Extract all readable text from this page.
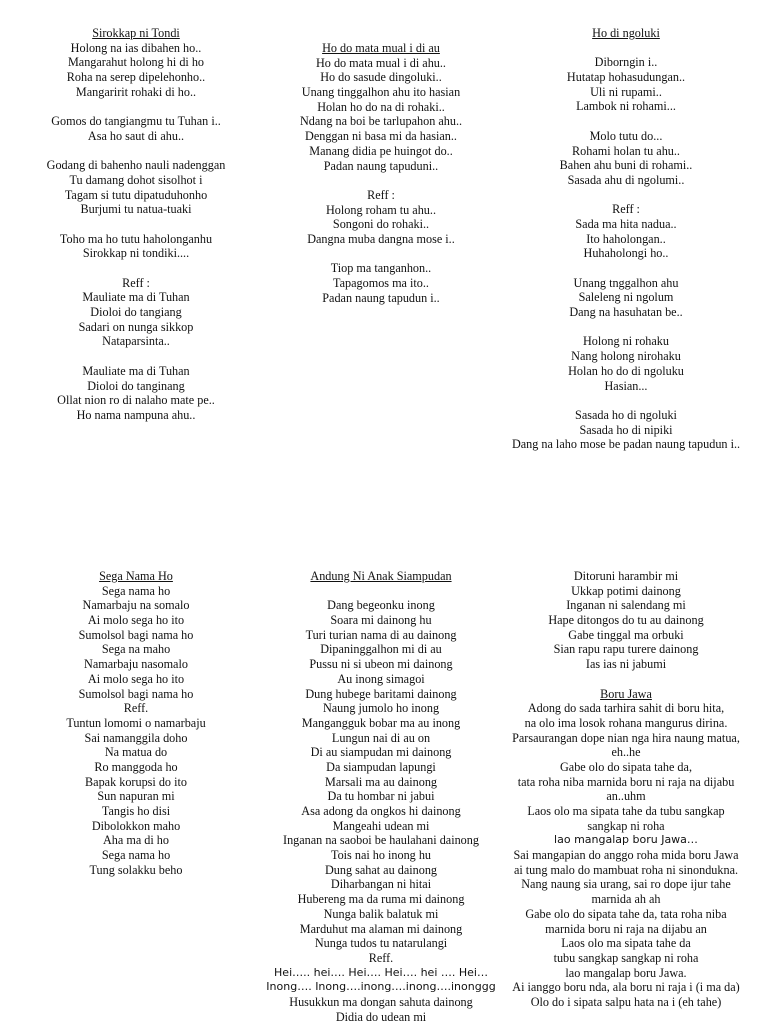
Sirokkap ni Tondi
Holong na ias dibahen ho..
Mangarahut holong hi di ho
Roha na serep dipelehonho..
Mangaririt rohaki di ho..
Gomos do tangiangmu tu Tuhan i..
Asa ho saut di ahu..
Godang di bahenho nauli nadenggan
Tu damang dohot sisolhot i
Tagam si tutu dipatuduhonho
Burjumi tu natua-tuaki
Toho ma ho tutu haholonganhu
Sirokkap ni tondiki....
Reff :
Mauliate ma di Tuhan
Dioloi do tangiang
Sadari on nunga sikkop
Nataparsinta..
Mauliate ma di Tuhan
Dioloi do tanginang
Ollat nion ro di nalaho mate pe..
Ho nama nampuna ahu..
Ho do mata mual i di au
Ho do mata mual i di ahu..
Ho do sasude dingoluki..
Unang tinggalhon ahu ito hasian
Holan ho do na di rohaki..
Ndang na boi be tarlupahon ahu..
Denggan ni basa mi da hasian..
Manang didia pe huingot do..
Padan naung tapuduni..
Reff :
Holong roham tu ahu..
Songoni do rohaki..
Dangna muba dangna mose i..
Tiop ma tanganhon..
Tapagomos ma ito..
Padan naung tapudun i..
Ho di ngoluki
Diborngin i..
Hutatap hohasudungan..
Uli ni rupami..
Lambok ni rohami...
Molo tutu do...
Rohami holan tu ahu..
Bahen ahu buni di rohami..
Sasada ahu di ngolumi..
Reff :
Sada ma hita nadua..
Ito haholongan..
Huhaholongi ho..
Unang tnggalhon ahu
Saleleng ni ngolum
Dang na hasuhatan be..
Holong ni rohaku
Nang holong nirohaku
Holan ho do di ngoluku
Hasian...
Sasada ho di ngoluki
Sasada ho di nipiki
Dang na laho mose be padan naung tapudun i..
Sega Nama Ho
Sega nama ho
Namarbaju na somalo
Ai molo sega ho ito
Sumolsol bagi nama ho
Sega na maho
Namarbaju nasomalo
Ai molo sega ho ito
Sumolsol bagi nama ho
Reff.
Tuntun lomomi o namarbaju
Sai namanggila doho
Na matua do
Ro manggoda ho
Bapak korupsi do ito
Sun napuran mi
Tangis ho disi
Dibolokkon maho
Aha ma di ho
Sega nama ho
Tung solakku beho
Andung Ni Anak Siampudan
Dang begeonku inong
Soara mi dainong hu
Turi turian nama di au dainong
Dipaninggalhon mi di au
Pussu ni si ubeon mi dainong
Au inong simagoi
Dung hubege baritami dainong
Naung jumolo ho inong
Mangangguk bobar ma au inong
Lungun nai di au on
Di au siampudan mi dainong
Da siampudan lapungi
Marsali ma au dainong
Da tu hombar ni jabui
Asa adong da ongkos hi dainong
Mangeahi udean mi
Inganan na saoboi be haulahani dainong
Tois nai ho inong hu
Dung sahat au dainong
Diharbangan ni hitai
Hubereng ma da ruma mi dainong
Nunga balik balatuk mi
Marduhut ma alaman mi dainong
Nunga tudos tu natarulangi
Reff.
Hei….. hei…. Hei…. Hei…. hei …. Hei…
Inong…. Inong….inong….inong….inonggg
Husukkun ma dongan sahuta dainong
Didia do udean mi
Ditoruni harambir mi
Ukkap potimi dainong
Inganan ni salendang mi
Hape ditongos do tu au dainong
Gabe tinggal ma orbuki
Sian rapu rapu turere dainong
Ias ias ni jabumi
Boru Jawa
Adong do sada tarhira sahit di boru hita,
na olo ima losok rohana mangurus dirina.
Parsaurangan dope nian nga hira naung matua,
eh..he
Gabe olo do sipata tahe da,
tata roha niba marnida boru ni raja na dijabu
an..uhm
Laos olo ma sipata tahe da tubu sangkap
sangkap ni roha
lao mangalap boru Jawa…
Sai mangapian do anggo roha mida boru Jawa
ai tung malo do mambuat roha ni sinondukna.
Nang naung sia urang, sai ro dope ijur tahe
marnida ah ah
Gabe olo do sipata tahe da, tata roha niba
marnida boru ni raja na dijabu an
Laos olo ma sipata tahe da
tubu sangkap sangkap ni roha
lao mangalap boru Jawa.
Ai ianggo boru nda, ala boru ni raja i (i ma da)
Olo do i sipata salpu hata na i (eh tahe)
